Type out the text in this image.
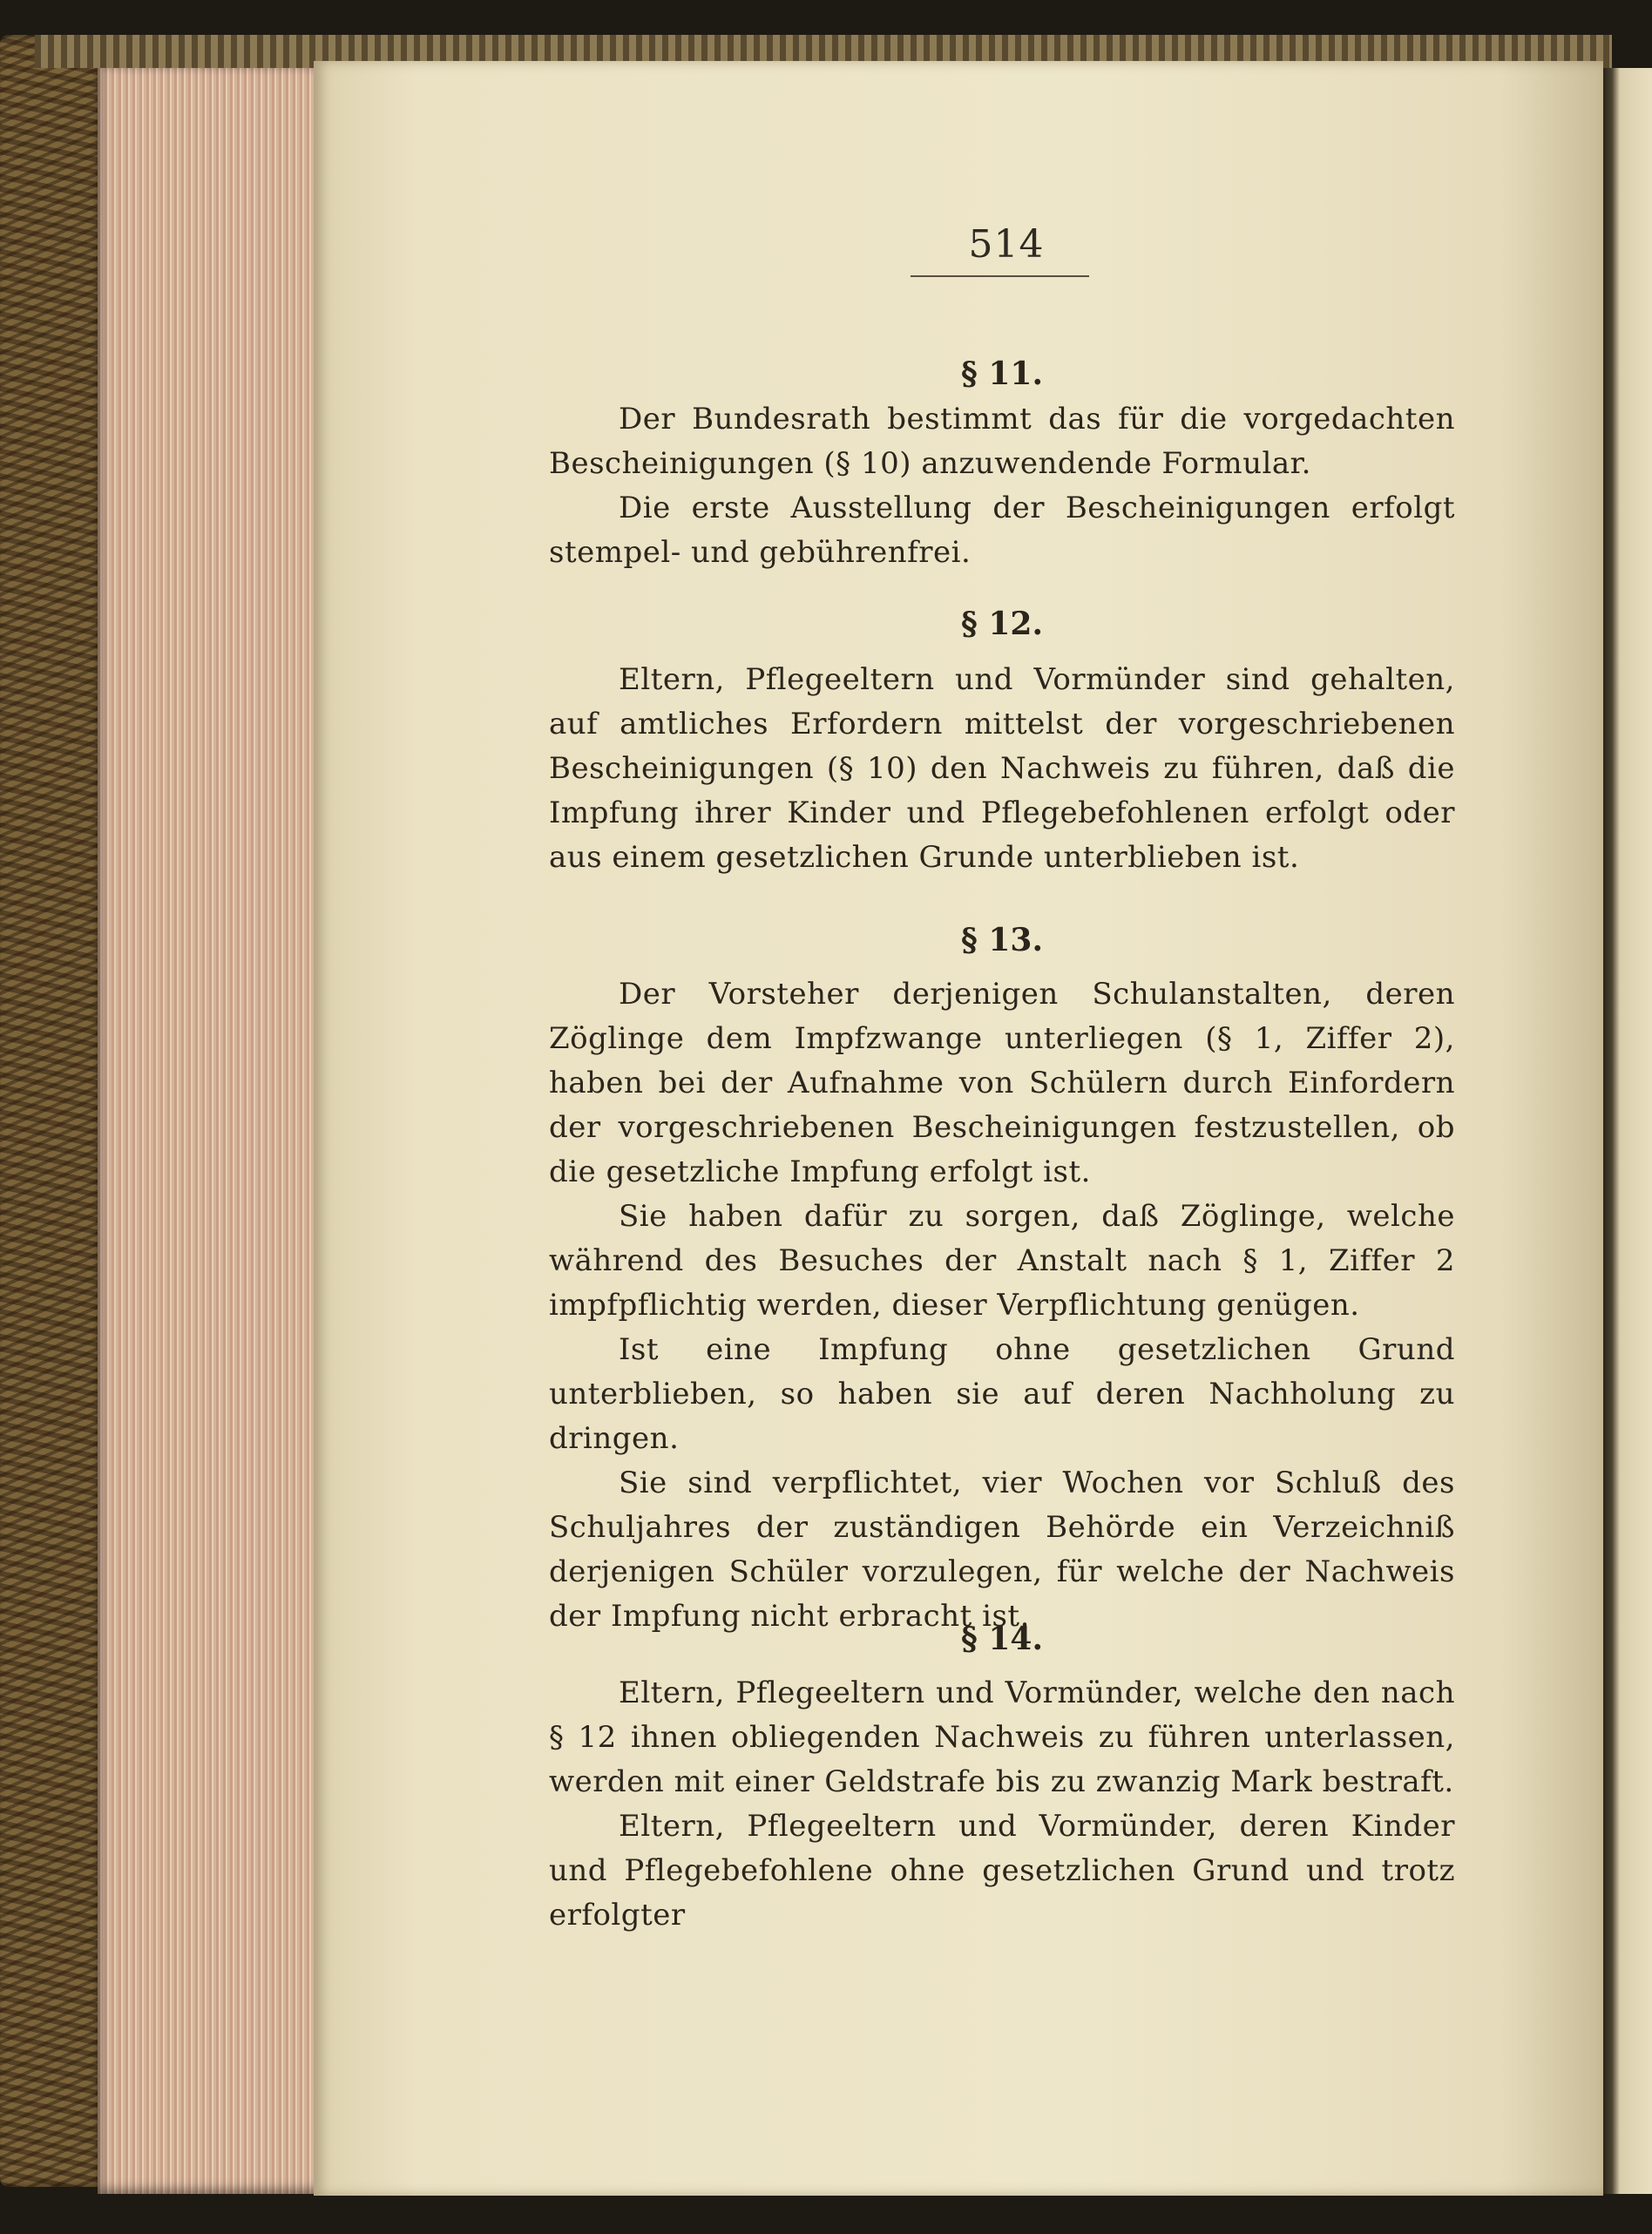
514

§ 11.

Der Bundesrath bestimmt das für die vorgedachten Bescheinigungen (§ 10) anzuwendende Formular.

Die erste Ausstellung der Bescheinigungen erfolgt stempel- und gebührenfrei.

§ 12.

Eltern, Pflegeeltern und Vormünder sind gehalten, auf amtliches Erfordern mittelst der vorgeschriebenen Bescheinigungen (§ 10) den Nachweis zu führen, daß die Impfung ihrer Kinder und Pflegebefohlenen erfolgt oder aus einem gesetzlichen Grunde unterblieben ist.

§ 13.

Der Vorsteher derjenigen Schulanstalten, deren Zöglinge dem Impfzwange unterliegen (§ 1, Ziffer 2), haben bei der Aufnahme von Schülern durch Einfordern der vorgeschriebenen Bescheinigungen festzustellen, ob die gesetzliche Impfung erfolgt ist.

Sie haben dafür zu sorgen, daß Zöglinge, welche während des Besuches der Anstalt nach § 1, Ziffer 2 impfpflichtig werden, dieser Verpflichtung genügen.

Ist eine Impfung ohne gesetzlichen Grund unterblieben, so haben sie auf deren Nachholung zu dringen.

Sie sind verpflichtet, vier Wochen vor Schluß des Schuljahres der zuständigen Behörde ein Verzeichniß derjenigen Schüler vorzulegen, für welche der Nachweis der Impfung nicht erbracht ist.

§ 14.

Eltern, Pflegeeltern und Vormünder, welche den nach § 12 ihnen obliegenden Nachweis zu führen unterlassen, werden mit einer Geldstrafe bis zu zwanzig Mark bestraft.

Eltern, Pflegeeltern und Vormünder, deren Kinder und Pflegebefohlene ohne gesetzlichen Grund und trotz erfolgter
